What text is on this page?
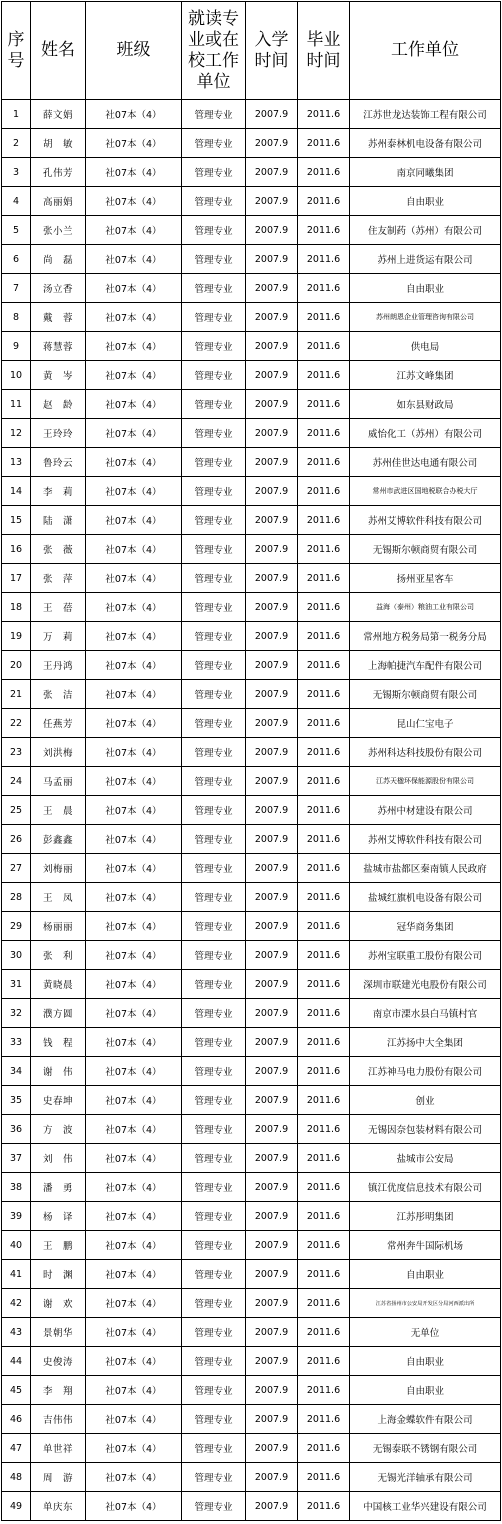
序号	姓名	班级	就读专业或在校工作单位	入学时间	毕业时间	工作单位
1	薛文娟	社07本（4）	管理专业	2007.9	2011.6	江苏世龙达装饰工程有限公司
2	胡　敏	社07本（4）	管理专业	2007.9	2011.6	苏州泰林机电设备有限公司
3	孔伟芳	社07本（4）	管理专业	2007.9	2011.6	南京同曦集团
4	高丽娟	社07本（4）	管理专业	2007.9	2011.6	自由职业
5	张小兰	社07本（4）	管理专业	2007.9	2011.6	住友制药（苏州）有限公司
6	尚　磊	社07本（4）	管理专业	2007.9	2011.6	苏州上进货运有限公司
7	汤立香	社07本（4）	管理专业	2007.9	2011.6	自由职业
8	戴　蓉	社07本（4）	管理专业	2007.9	2011.6	苏州朗恩企业管理咨询有限公司
9	蒋慧蓉	社07本（4）	管理专业	2007.9	2011.6	供电局
10	黄　岑	社07本（4）	管理专业	2007.9	2011.6	江苏文峰集团
11	赵　龄	社07本（4）	管理专业	2007.9	2011.6	如东县财政局
12	王玲玲	社07本（4）	管理专业	2007.9	2011.6	威怡化工（苏州）有限公司
13	鲁玲云	社07本（4）	管理专业	2007.9	2011.6	苏州佳世达电通有限公司
14	李　莉	社07本（4）	管理专业	2007.9	2011.6	常州市武进区国地税联合办税大厅
15	陆　潇	社07本（4）	管理专业	2007.9	2011.6	苏州艾博软件科技有限公司
16	张　薇	社07本（4）	管理专业	2007.9	2011.6	无锡斯尔顿商贸有限公司
17	张　萍	社07本（4）	管理专业	2007.9	2011.6	扬州亚星客车
18	王　蓓	社07本（4）	管理专业	2007.9	2011.6	益海（泰州）粮油工业有限公司
19	万　莉	社07本（4）	管理专业	2007.9	2011.6	常州地方税务局第一税务分局
20	王丹鸿	社07本（4）	管理专业	2007.9	2011.6	上海帕捷汽车配件有限公司
21	张　洁	社07本（4）	管理专业	2007.9	2011.6	无锡斯尔顿商贸有限公司
22	任燕芳	社07本（4）	管理专业	2007.9	2011.6	昆山仁宝电子
23	刘洪梅	社07本（4）	管理专业	2007.9	2011.6	苏州科达科技股份有限公司
24	马孟丽	社07本（4）	管理专业	2007.9	2011.6	江苏天楹环保能源股份有限公司
25	王　晨	社07本（4）	管理专业	2007.9	2011.6	苏州中材建设有限公司
26	彭鑫鑫	社07本（4）	管理专业	2007.9	2011.6	苏州艾博软件科技有限公司
27	刘梅丽	社07本（4）	管理专业	2007.9	2011.6	盐城市盐都区秦南镇人民政府
28	王　凤	社07本（4）	管理专业	2007.9	2011.6	盐城红旗机电设备有限公司
29	杨丽丽	社07本（4）	管理专业	2007.9	2011.6	冠华商务集团
30	张　利	社07本（4）	管理专业	2007.9	2011.6	苏州宝联重工股份有限公司
31	黄晓晨	社07本（4）	管理专业	2007.9	2011.6	深圳市联建光电股份有限公司
32	濮方圆	社07本（4）	管理专业	2007.9	2011.6	南京市溧水县白马镇村官
33	钱　程	社07本（4）	管理专业	2007.9	2011.6	江苏扬中大全集团
34	谢　伟	社07本（4）	管理专业	2007.9	2011.6	江苏神马电力股份有限公司
35	史春坤	社07本（4）	管理专业	2007.9	2011.6	创业
36	方　波	社07本（4）	管理专业	2007.9	2011.6	无锡因奈包装材料有限公司
37	刘　伟	社07本（4）	管理专业	2007.9	2011.6	盐城市公安局
38	潘　勇	社07本（4）	管理专业	2007.9	2011.6	镇江优度信息技术有限公司
39	杨　译	社07本（4）	管理专业	2007.9	2011.6	江苏彤明集团
40	王　鹏	社07本（4）	管理专业	2007.9	2011.6	常州奔牛国际机场
41	时　渊	社07本（4）	管理专业	2007.9	2011.6	自由职业
42	谢　欢	社07本（4）	管理专业	2007.9	2011.6	江苏省扬州市公安局开发区分局河西派出所
43	景朝华	社07本（4）	管理专业	2007.9	2011.6	无单位
44	史俊涛	社07本（4）	管理专业	2007.9	2011.6	自由职业
45	李　翔	社07本（4）	管理专业	2007.9	2011.6	自由职业
46	吉伟伟	社07本（4）	管理专业	2007.9	2011.6	上海金蝶软件有限公司
47	单世祥	社07本（4）	管理专业	2007.9	2011.6	无锡泰联不锈钢有限公司
48	周　游	社07本（4）	管理专业	2007.9	2011.6	无锡光洋轴承有限公司
49	单庆东	社07本（4）	管理专业	2007.9	2011.6	中国核工业华兴建设有限公司
